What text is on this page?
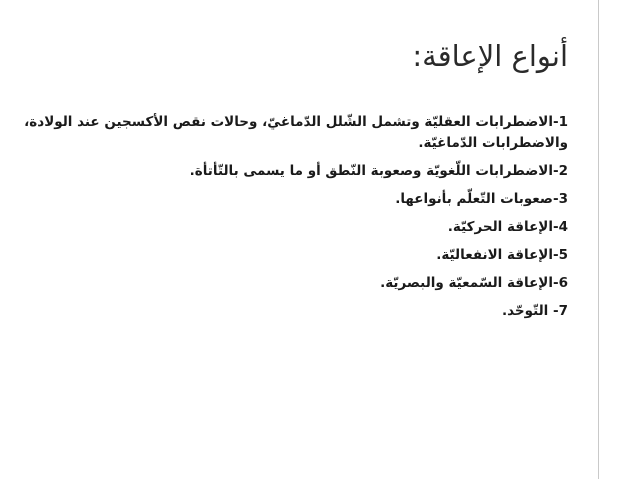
أنواع الإعاقة:
1-الاضطرابات العقليّة وتشمل الشّلل الدّماغيّ، وحالات نقص الأكسجين عند الولادة، والاضطرابات الدّماغيّة.
2-الاضطرابات اللّغويّة وصعوبة النّطق أو ما يسمى بالتّأتأة.
3-صعوبات التّعلّم بأنواعها.
4-الإعاقة الحركيّة.
5-الإعاقة الانفعاليّة.
6-الإعاقة السّمعيّة والبصريّة.
7- التّوحّد.
